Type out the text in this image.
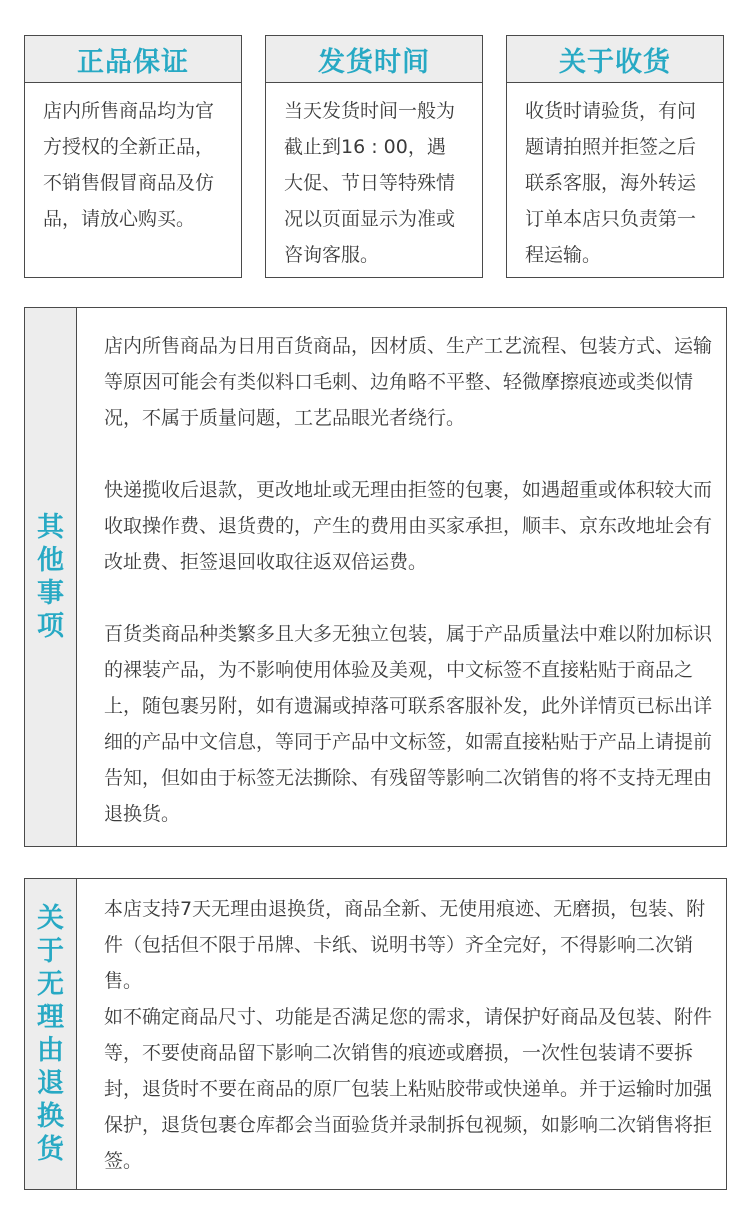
正品保证
店内所售商品均为官方授权的全新正品，不销售假冒商品及仿品，请放心购买。
发货时间
当天发货时间一般为截止到16 : 00，遇大促、节日等特殊情况以页面显示为准或咨询客服。
关于收货
收货时请验货，有问题请拍照并拒签之后联系客服，海外转运订单本店只负责第一程运输。
其他事项

店内所售商品为日用百货商品，因材质、生产工艺流程、包装方式、运输等原因可能会有类似料口毛刺、边角略不平整、轻微摩擦痕迹或类似情况，不属于质量问题，工艺品眼光者绕行。

快递揽收后退款，更改地址或无理由拒签的包裹，如遇超重或体积较大而收取操作费、退货费的，产生的费用由买家承担，顺丰、京东改地址会有改址费、拒签退回收取往返双倍运费。

百货类商品种类繁多且大多无独立包装，属于产品质量法中难以附加标识的裸装产品，为不影响使用体验及美观，中文标签不直接粘贴于商品之上，随包裹另附，如有遗漏或掉落可联系客服补发，此外详情页已标出详细的产品中文信息，等同于产品中文标签，如需直接粘贴于产品上请提前告知，但如由于标签无法撕除、有残留等影响二次销售的将不支持无理由退换货。

关于无理由退换货

本店支持7天无理由退换货，商品全新、无使用痕迹、无磨损，包装、附件（包括但不限于吊牌、卡纸、说明书等）齐全完好，不得影响二次销售。

如不确定商品尺寸、功能是否满足您的需求，请保护好商品及包装、附件等，不要使商品留下影响二次销售的痕迹或磨损，一次性包装请不要拆封，退货时不要在商品的原厂包装上粘贴胶带或快递单。并于运输时加强保护，退货包裹仓库都会当面验货并录制拆包视频，如影响二次销售将拒签。
